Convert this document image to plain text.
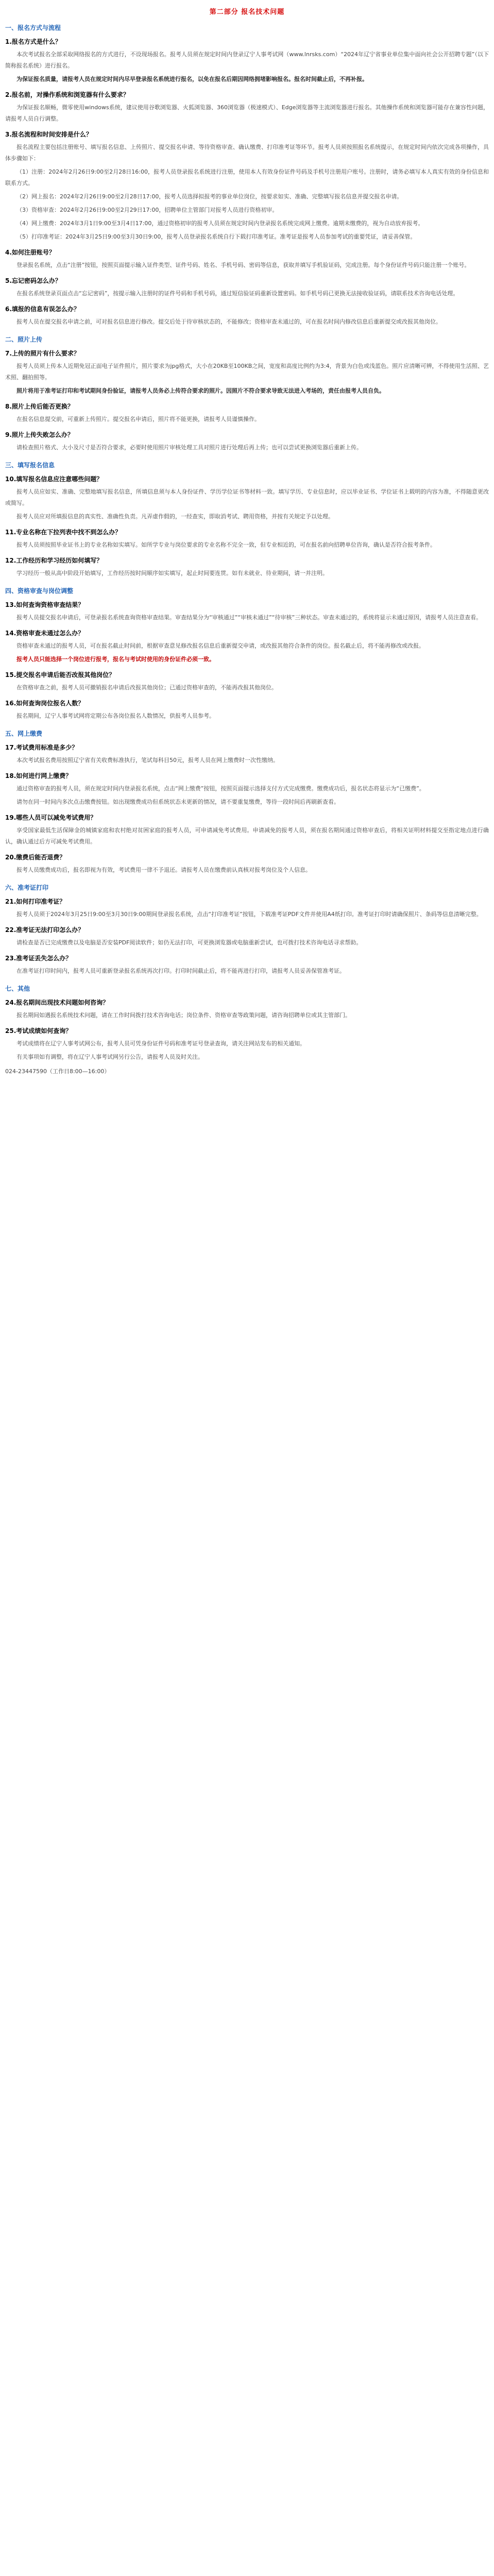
第二部分 报名技术问题
一、报名方式与流程
1.报名方式是什么？
本次考试报名全部采取网络报名的方式进行，不设现场报名。报考人员须在规定时间内登录辽宁人事考试网（www.lnrsks.com）“2024年辽宁省事业单位集中面向社会公开招聘专题”（以下简称报名系统）进行报名。
为保证报名质量，请报考人员在规定时间内尽早登录报名系统进行报名，以免在报名后期因网络拥堵影响报名。报名时间截止后，不再补报。
2.报名前，对操作系统和浏览器有什么要求？
为保证报名顺畅，微零使用windows系统，建议使用谷歌浏览器、火狐浏览器、360浏览器（极速模式）、Edge浏览器等主流浏览器进行报名。其他操作系统和浏览器可能存在兼容性问题，请报考人员自行调整。
3.报名流程和时间安排是什么？
报名流程主要包括注册账号、填写报名信息、上传照片、提交报名申请、等待资格审查、确认缴费、打印准考证等环节。报考人员须按照报名系统提示，在规定时间内依次完成各项操作，具体步骤如下：
（1）注册：2024年2月26日9:00至2月28日16:00，报考人员登录报名系统进行注册，使用本人有效身份证件号码及手机号注册用户账号。注册时，请务必填写本人真实有效的身份信息和联系方式。
（2）网上报名：2024年2月26日9:00至2月28日17:00，报考人员选择拟报考的事业单位岗位，按要求如实、准确、完整填写报名信息并提交报名申请。
（3）资格审查：2024年2月26日9:00至2月29日17:00，招聘单位主管部门对报考人员进行资格初审。
（4）网上缴费：2024年3月1日9:00至3月4日17:00，通过资格初审的报考人员须在规定时间内登录报名系统完成网上缴费。逾期未缴费的，视为自动放弃报考。
（5）打印准考证：2024年3月25日9:00至3月30日9:00，报考人员登录报名系统自行下载打印准考证。准考证是报考人员参加考试的重要凭证，请妥善保管。
4.如何注册账号？
登录报名系统，点击“注册”按钮，按照页面提示输入证件类型、证件号码、姓名、手机号码、密码等信息，获取并填写手机验证码，完成注册。每个身份证件号码只能注册一个账号。
5.忘记密码怎么办？
在报名系统登录页面点击“忘记密码”，按提示输入注册时的证件号码和手机号码，通过短信验证码重新设置密码。如手机号码已更换无法接收验证码，请联系技术咨询电话处理。
6.填报的信息有误怎么办？
报考人员在提交报名申请之前，可对报名信息进行修改。提交后处于待审核状态的，不能修改；资格审查未通过的，可在报名时间内修改信息后重新提交或改报其他岗位。
二、照片上传
7.上传的照片有什么要求？
报考人员须上传本人近期免冠正面电子证件照片，照片要求为jpg格式，大小在20KB至100KB之间，宽度和高度比例约为3:4，背景为白色或浅蓝色。照片应清晰可辨，不得使用生活照、艺术照、翻拍照等。
照片将用于准考证打印和考试期间身份验证，请报考人员务必上传符合要求的照片。因照片不符合要求导致无法进入考场的，责任由报考人员自负。
8.照片上传后能否更换？
在报名信息提交前，可重新上传照片。提交报名申请后，照片将不能更换，请报考人员谨慎操作。
9.照片上传失败怎么办？
请检查照片格式、大小及尺寸是否符合要求，必要时使用照片审核处理工具对照片进行处理后再上传；也可以尝试更换浏览器后重新上传。
三、填写报名信息
10.填写报名信息应注意哪些问题？
报考人员应如实、准确、完整地填写报名信息，所填信息须与本人身份证件、学历学位证书等材料一致。填写学历、专业信息时，应以毕业证书、学位证书上载明的内容为准，不得随意更改或简写。
报考人员应对所填报信息的真实性、准确性负责。凡弄虚作假的，一经查实，即取消考试、聘用资格，并按有关规定予以处理。
11.专业名称在下拉列表中找不到怎么办？
报考人员须按照毕业证书上的专业名称如实填写。如所学专业与岗位要求的专业名称不完全一致，但专业相近的，可在报名前向招聘单位咨询，确认是否符合报考条件。
12.工作经历和学习经历如何填写？
学习经历一般从高中阶段开始填写，工作经历按时间顺序如实填写，起止时间要连贯。如有未就业、待业期间，请一并注明。
四、资格审查与岗位调整
13.如何查询资格审查结果？
报考人员提交报名申请后，可登录报名系统查询资格审查结果。审查结果分为“审核通过”“审核未通过”“待审核”三种状态。审查未通过的，系统将显示未通过原因，请报考人员注意查看。
14.资格审查未通过怎么办？
资格审查未通过的报考人员，可在报名截止时间前，根据审查意见修改报名信息后重新提交申请，或改报其他符合条件的岗位。报名截止后，将不能再修改或改报。
报考人员只能选择一个岗位进行报考，报名与考试时使用的身份证件必须一致。
15.提交报名申请后能否改报其他岗位？
在资格审查之前，报考人员可撤销报名申请后改报其他岗位；已通过资格审查的，不能再改报其他岗位。
16.如何查询岗位报名人数？
报名期间，辽宁人事考试网将定期公布各岗位报名人数情况，供报考人员参考。
五、网上缴费
17.考试费用标准是多少？
本次考试报名费用按照辽宁省有关收费标准执行，笔试每科目50元，报考人员在网上缴费时一次性缴纳。
18.如何进行网上缴费？
通过资格审查的报考人员，须在规定时间内登录报名系统，点击“网上缴费”按钮，按照页面提示选择支付方式完成缴费。缴费成功后，报名状态将显示为“已缴费”。
请勿在同一时间内多次点击缴费按钮。如出现缴费成功但系统状态未更新的情况，请不要重复缴费，等待一段时间后再刷新查看。
19.哪些人员可以减免考试费用？
享受国家最低生活保障金的城镇家庭和农村绝对贫困家庭的报考人员，可申请减免考试费用。申请减免的报考人员，须在报名期间通过资格审查后，将相关证明材料提交至指定地点进行确认，确认通过后方可减免考试费用。
20.缴费后能否退费？
报考人员缴费成功后，报名即视为有效，考试费用一律不予退还。请报考人员在缴费前认真核对报考岗位及个人信息。
六、准考证打印
21.如何打印准考证？
报考人员须于2024年3月25日9:00至3月30日9:00期间登录报名系统，点击“打印准考证”按钮，下载准考证PDF文件并使用A4纸打印。准考证打印时请确保照片、条码等信息清晰完整。
22.准考证无法打印怎么办？
请检查是否已完成缴费以及电脑是否安装PDF阅读软件；如仍无法打印，可更换浏览器或电脑重新尝试，也可拨打技术咨询电话寻求帮助。
23.准考证丢失怎么办？
在准考证打印时间内，报考人员可重新登录报名系统再次打印。打印时间截止后，将不能再进行打印，请报考人员妥善保管准考证。
七、其他
24.报名期间出现技术问题如何咨询？
报名期间如遇报名系统技术问题，请在工作时间拨打技术咨询电话；岗位条件、资格审查等政策问题，请咨询招聘单位或其主管部门。
25.考试成绩如何查询？
考试成绩将在辽宁人事考试网公布，报考人员可凭身份证件号码和准考证号登录查询，请关注网站发布的相关通知。
有关事项如有调整，将在辽宁人事考试网另行公告，请报考人员及时关注。
024-23447590（工作日8:00—16:00）
